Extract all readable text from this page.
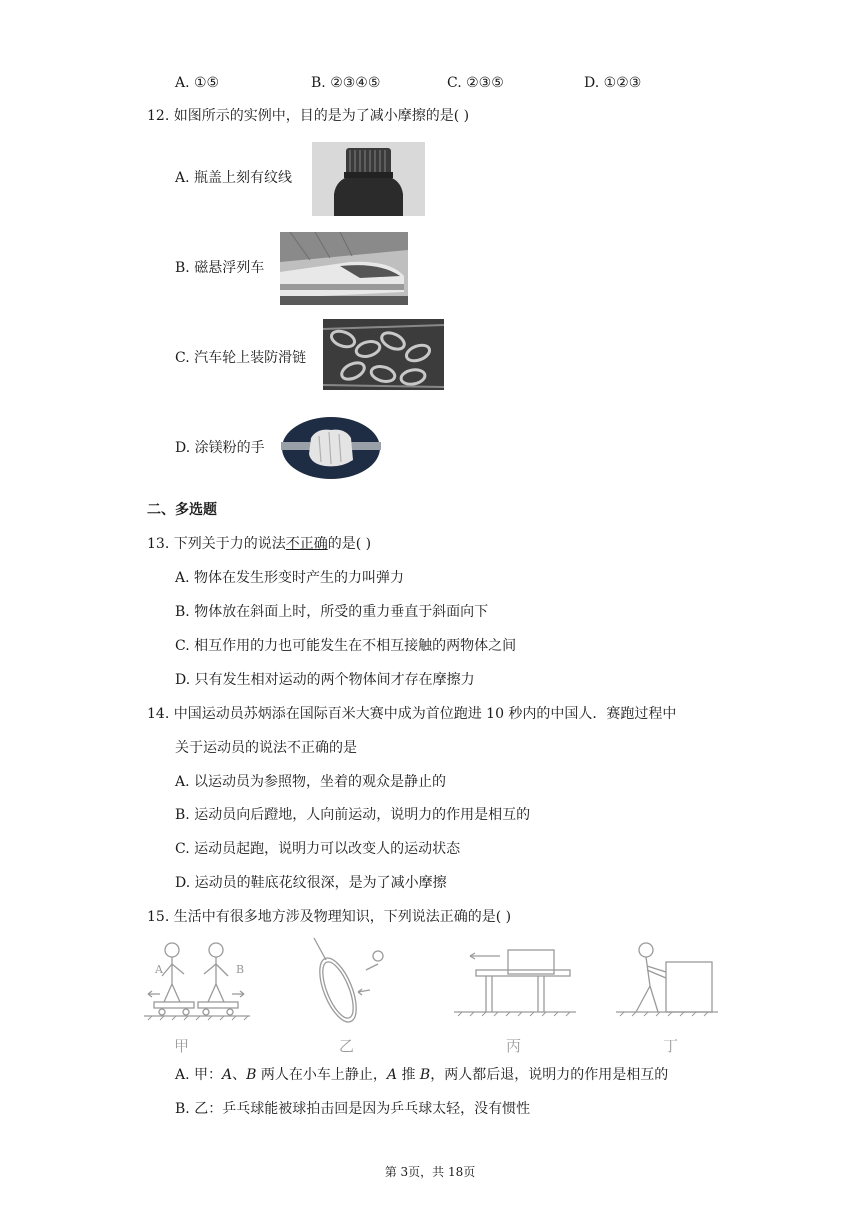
A. ①⑤	B. ②③④⑤	C. ②③⑤	D. ①②③
12. 如图所示的实例中，目的是为了减小摩擦的是( )
A. 瓶盖上刻有纹线
B. 磁悬浮列车
C. 汽车轮上装防滑链
D. 涂镁粉的手
二、多选题
13. 下列关于力的说法不正确的是( )
A. 物体在发生形变时产生的力叫弹力
B. 物体放在斜面上时，所受的重力垂直于斜面向下
C. 相互作用的力也可能发生在不相互接触的两物体之间
D. 只有发生相对运动的两个物体间才存在摩擦力
14. 中国运动员苏炳添在国际百米大赛中成为首位跑进 10 秒内的中国人．赛跑过程中
关于运动员的说法不正确的是
A. 以运动员为参照物，坐着的观众是静止的
B. 运动员向后蹬地，人向前运动，说明力的作用是相互的
C. 运动员起跑，说明力可以改变人的运动状态
D. 运动员的鞋底花纹很深，是为了减小摩擦
15. 生活中有很多地方涉及物理知识，下列说法正确的是( )
A	B
甲	乙	丙	丁
A. 甲：A、B 两人在小车上静止，A 推 B，两人都后退，说明力的作用是相互的
B. 乙：乒乓球能被球拍击回是因为乒乓球太轻，没有惯性
第 3页，共 18页
